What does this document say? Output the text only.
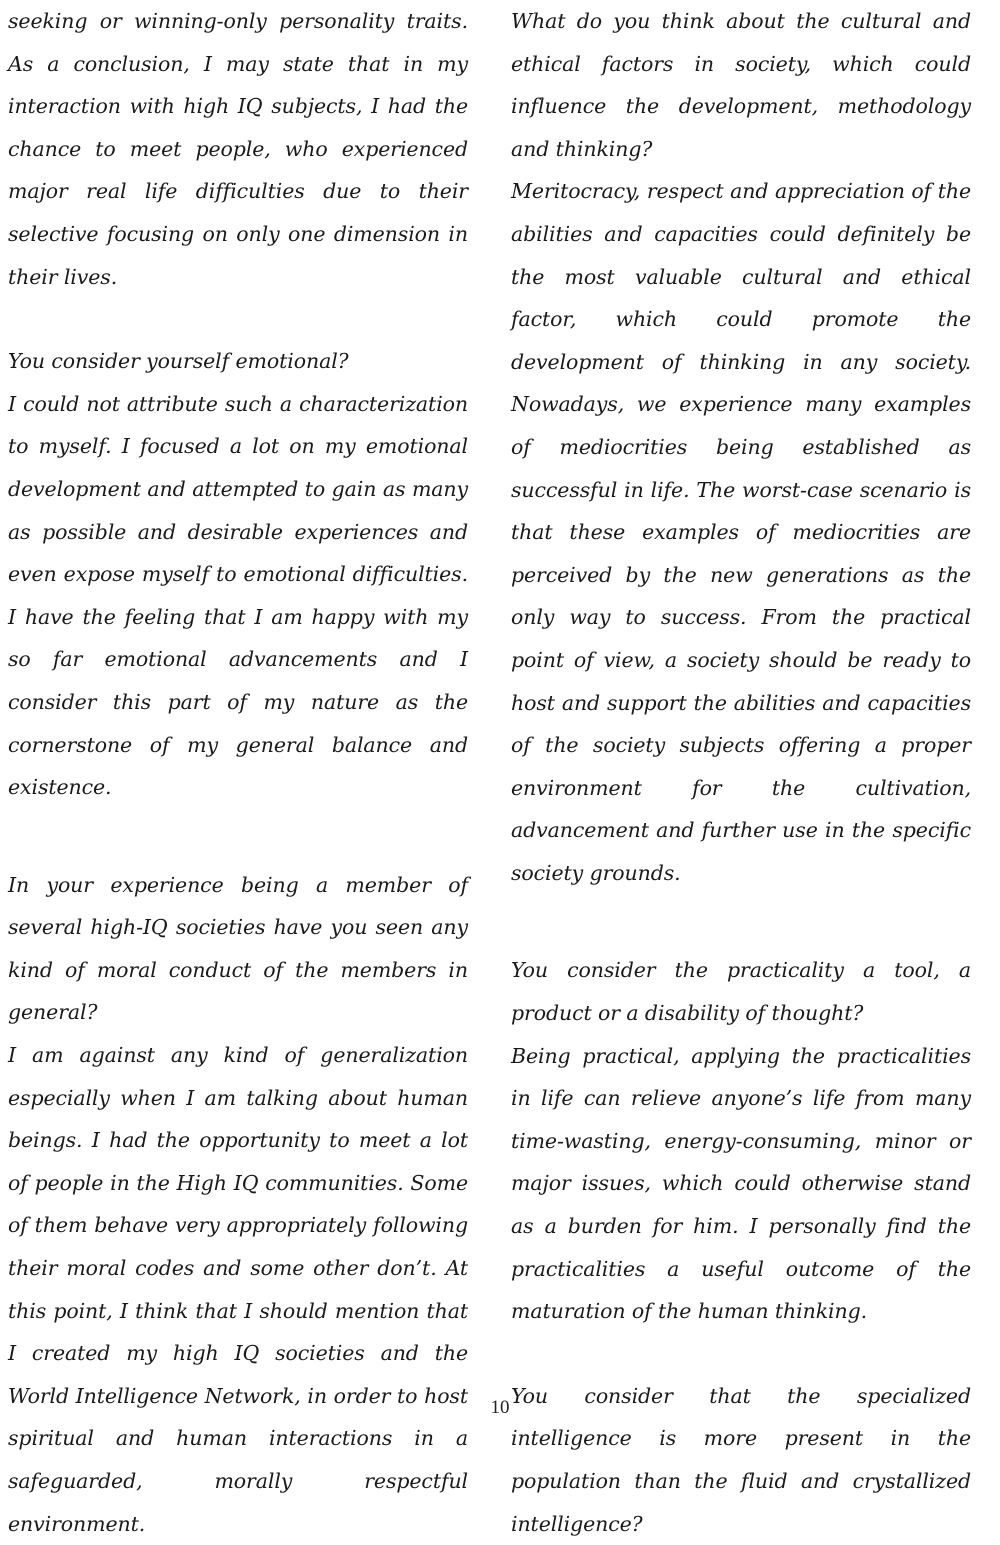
seeking or winning-only personality traits. As a conclusion, I may state that in my interaction with high IQ subjects, I had the chance to meet people, who experienced major real life difficulties due to their selective focusing on only one dimension in their lives.

You consider yourself emotional?

I could not attribute such a characterization to myself. I focused a lot on my emotional development and attempted to gain as many as possible and desirable experiences and even expose myself to emotional difficulties. I have the feeling that I am happy with my so far emotional advancements and I consider this part of my nature as the cornerstone of my general balance and existence.

In your experience being a member of several high-IQ societies have you seen any kind of moral conduct of the members in general?

I am against any kind of generalization especially when I am talking about human beings. I had the opportunity to meet a lot of people in the High IQ communities. Some of them behave very appropriately following their moral codes and some other don’t. At this point, I think that I should mention that I created my high IQ societies and the World Intelligence Network, in order to host spiritual and human interactions in a safeguarded, morally respectful environment.

What do you think about the cultural and ethical factors in society, which could influence the development, methodology and thinking?

Meritocracy, respect and appreciation of the abilities and capacities could definitely be the most valuable cultural and ethical factor, which could promote the development of thinking in any society. Nowadays, we experience many examples of mediocrities being established as successful in life. The worst-case scenario is that these examples of mediocrities are perceived by the new generations as the only way to success. From the practical point of view, a society should be ready to host and support the abilities and capacities of the society subjects offering a proper environment for the cultivation, advancement and further use in the specific society grounds.

You consider the practicality a tool, a product or a disability of thought?

Being practical, applying the practicalities in life can relieve anyone’s life from many time-wasting, energy-consuming, minor or major issues, which could otherwise stand as a burden for him. I personally find the practicalities a useful outcome of the maturation of the human thinking.

You consider that the specialized intelligence is more present in the population than the fluid and crystallized intelligence?

10
